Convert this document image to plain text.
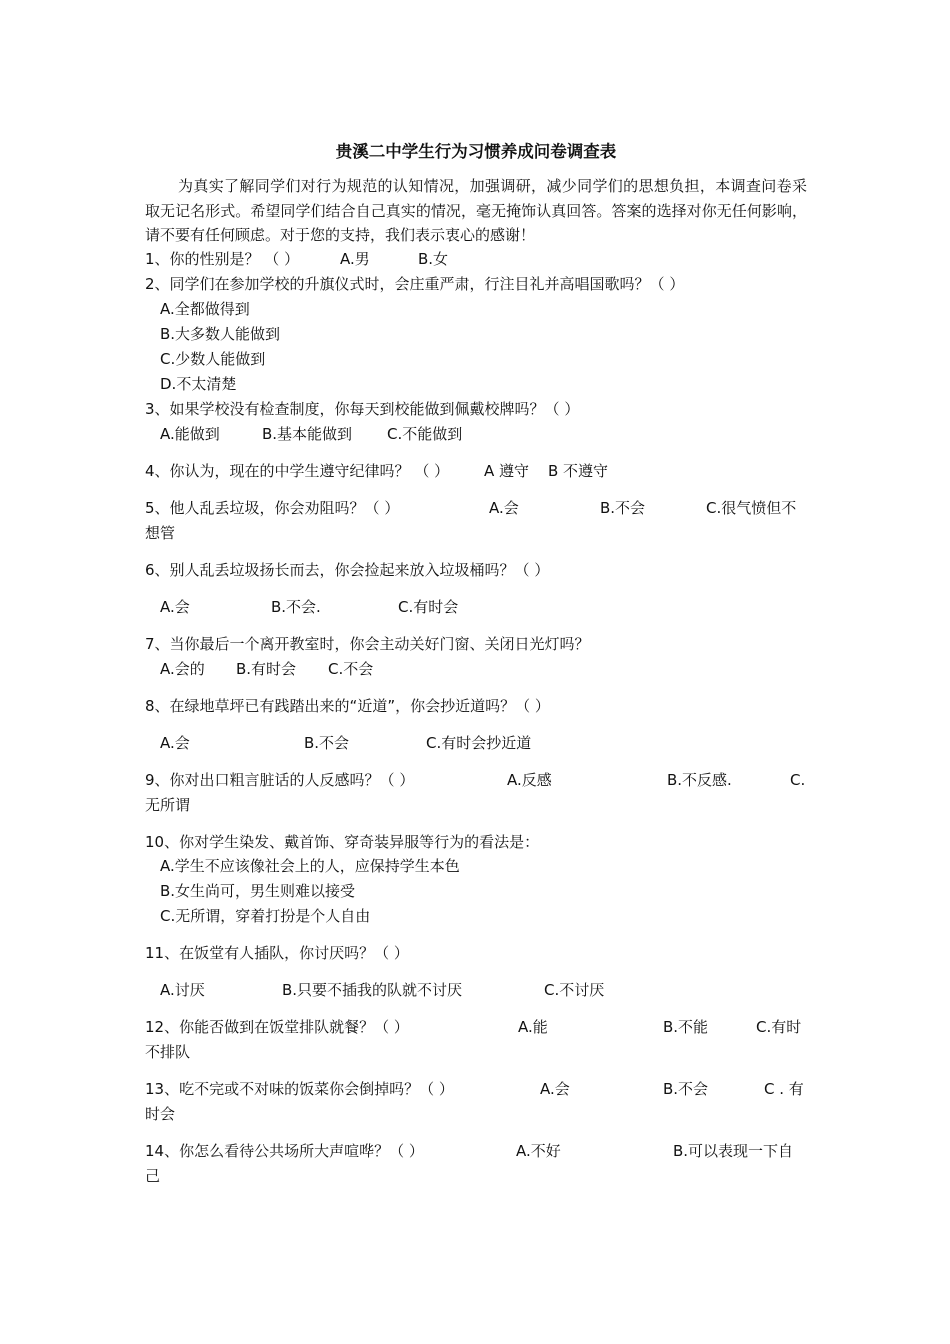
贵溪二中学生行为习惯养成问卷调查表
为真实了解同学们对行为规范的认知情况，加强调研，减少同学们的思想负担，本调查问卷采取无记名形式。希望同学们结合自己真实的情况，毫无掩饰认真回答。答案的选择对你无任何影响，请不要有任何顾虑。对于您的支持，我们表示衷心的感谢！
1、你的性别是？ （ ）	A.男	B.女
2、同学们在参加学校的升旗仪式时，会庄重严肃，行注目礼并高唱国歌吗？（ ）
A.全都做得到
B.大多数人能做到
C.少数人能做到
D.不太清楚
3、如果学校没有检查制度，你每天到校能做到佩戴校牌吗？（ ）
A.能做到	B.基本能做到 C.不能做到
4、你认为，现在的中学生遵守纪律吗？ （ ） A 遵守 B 不遵守
5、他人乱丢垃圾，你会劝阻吗？（ ）	A.会	B.不会	C.很气愤但不
想管
6、别人乱丢垃圾扬长而去，你会捡起来放入垃圾桶吗？（ ）
A.会	B.不会.	C.有时会
7、当你最后一个离开教室时，你会主动关好门窗、关闭日光灯吗？
A.会的 B.有时会 C.不会
8、在绿地草坪已有践踏出来的“近道”，你会抄近道吗？（ ）
A.会	B.不会	C.有时会抄近道
9、你对出口粗言脏话的人反感吗？（ ）	A.反感	B.不反感.	C.
无所谓
10、你对学生染发、戴首饰、穿奇装异服等行为的看法是：
A.学生不应该像社会上的人，应保持学生本色
B.女生尚可，男生则难以接受
C.无所谓，穿着打扮是个人自由
11、在饭堂有人插队，你讨厌吗？（ ）
A.讨厌	B.只要不插我的队就不讨厌	C.不讨厌
12、你能否做到在饭堂排队就餐？（ ）	A.能	B.不能	C.有时
不排队
13、吃不完或不对味的饭菜你会倒掉吗？（ ）	A.会	B.不会	C . 有
时会
14、你怎么看待公共场所大声喧哗？（ ）	A.不好	B.可以表现一下自
己
